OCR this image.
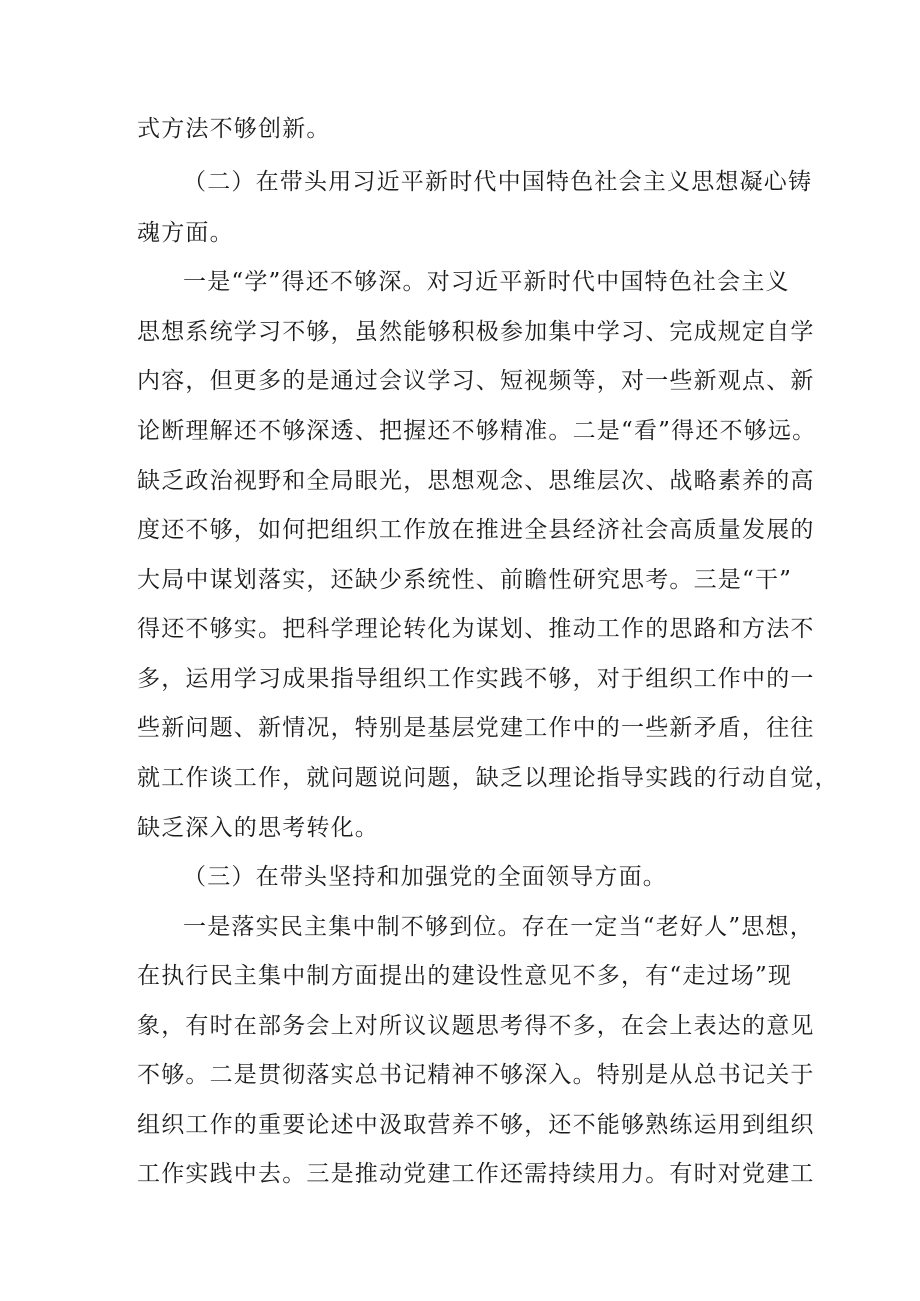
式方法不够创新。
（二）在带头用习近平新时代中国特色社会主义思想凝心铸
魂方面。
一是“学”得还不够深。对习近平新时代中国特色社会主义
思想系统学习不够，虽然能够积极参加集中学习、完成规定自学
内容，但更多的是通过会议学习、短视频等，对一些新观点、新
论断理解还不够深透、把握还不够精准。二是“看”得还不够远。
缺乏政治视野和全局眼光，思想观念、思维层次、战略素养的高
度还不够，如何把组织工作放在推进全县经济社会高质量发展的
大局中谋划落实，还缺少系统性、前瞻性研究思考。三是“干”
得还不够实。把科学理论转化为谋划、推动工作的思路和方法不
多，运用学习成果指导组织工作实践不够，对于组织工作中的一
些新问题、新情况，特别是基层党建工作中的一些新矛盾，往往
就工作谈工作，就问题说问题，缺乏以理论指导实践的行动自觉，
缺乏深入的思考转化。
（三）在带头坚持和加强党的全面领导方面。
一是落实民主集中制不够到位。存在一定当“老好人”思想，
在执行民主集中制方面提出的建设性意见不多，有“走过场”现
象，有时在部务会上对所议议题思考得不多，在会上表达的意见
不够。二是贯彻落实总书记精神不够深入。特别是从总书记关于
组织工作的重要论述中汲取营养不够，还不能够熟练运用到组织
工作实践中去。三是推动党建工作还需持续用力。有时对党建工
